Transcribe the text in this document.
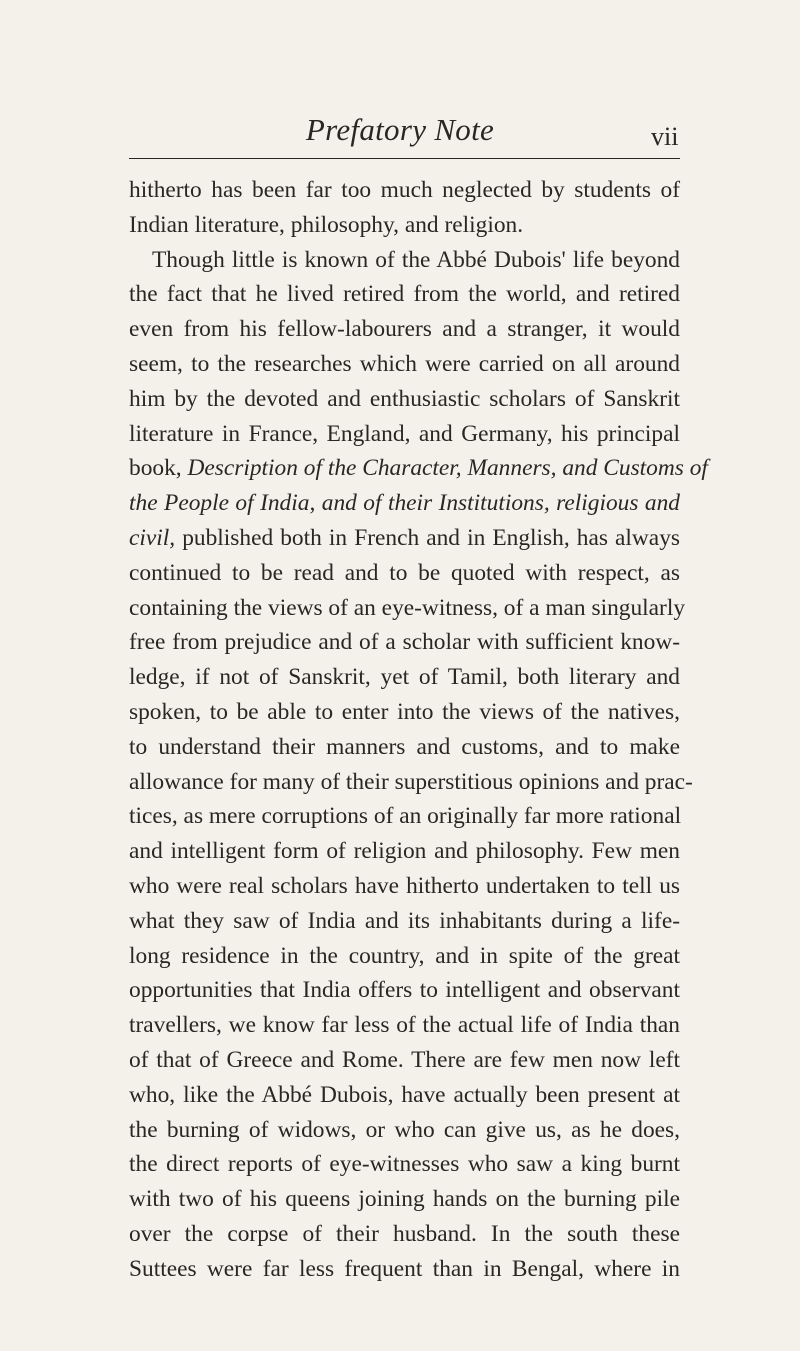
Prefatory Note	vii
hitherto has been far too much neglected by students of
Indian literature, philosophy, and religion.
Though little is known of the Abbé Dubois' life beyond
the fact that he lived retired from the world, and retired
even from his fellow-labourers and a stranger, it would
seem, to the researches which were carried on all around
him by the devoted and enthusiastic scholars of Sanskrit
literature in France, England, and Germany, his principal
book, Description of the Character, Manners, and Customs of
the People of India, and of their Institutions, religious and
civil, published both in French and in English, has always
continued to be read and to be quoted with respect, as
containing the views of an eye-witness, of a man singularly
free from prejudice and of a scholar with sufficient know-
ledge, if not of Sanskrit, yet of Tamil, both literary and
spoken, to be able to enter into the views of the natives,
to understand their manners and customs, and to make
allowance for many of their superstitious opinions and prac-
tices, as mere corruptions of an originally far more rational
and intelligent form of religion and philosophy. Few men
who were real scholars have hitherto undertaken to tell us
what they saw of India and its inhabitants during a life-
long residence in the country, and in spite of the great
opportunities that India offers to intelligent and observant
travellers, we know far less of the actual life of India than
of that of Greece and Rome. There are few men now left
who, like the Abbé Dubois, have actually been present at
the burning of widows, or who can give us, as he does,
the direct reports of eye-witnesses who saw a king burnt
with two of his queens joining hands on the burning pile
over the corpse of their husband. In the south these
Suttees were far less frequent than in Bengal, where in
